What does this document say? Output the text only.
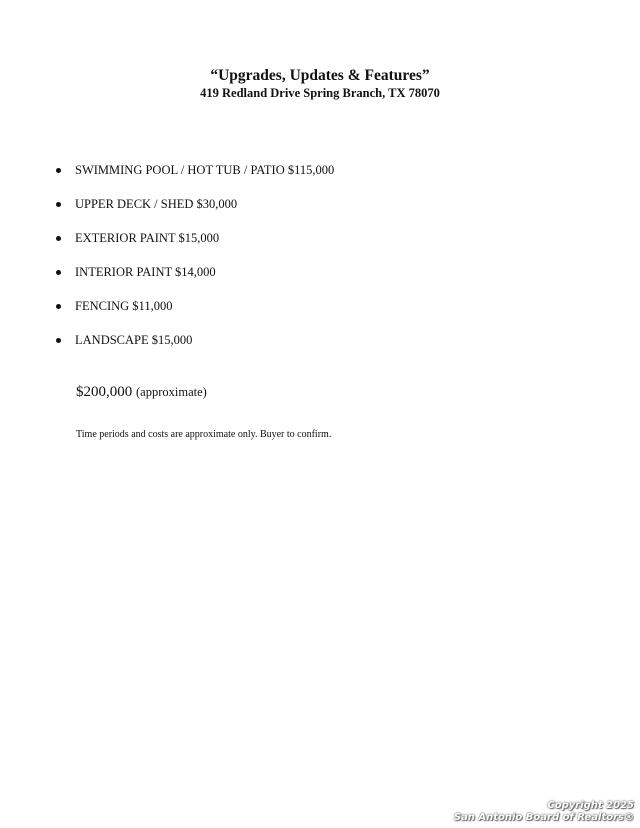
“Upgrades, Updates & Features”

419 Redland Drive Spring Branch, TX 78070

SWIMMING POOL / HOT TUB / PATIO $115,000
UPPER DECK / SHED $30,000
EXTERIOR PAINT $15,000
INTERIOR PAINT $14,000
FENCING $11,000
LANDSCAPE $15,000
$200,000 (approximate)
Time periods and costs are approximate only. Buyer to confirm.
Copyright 2025
San Antonio Board of Realtors®
